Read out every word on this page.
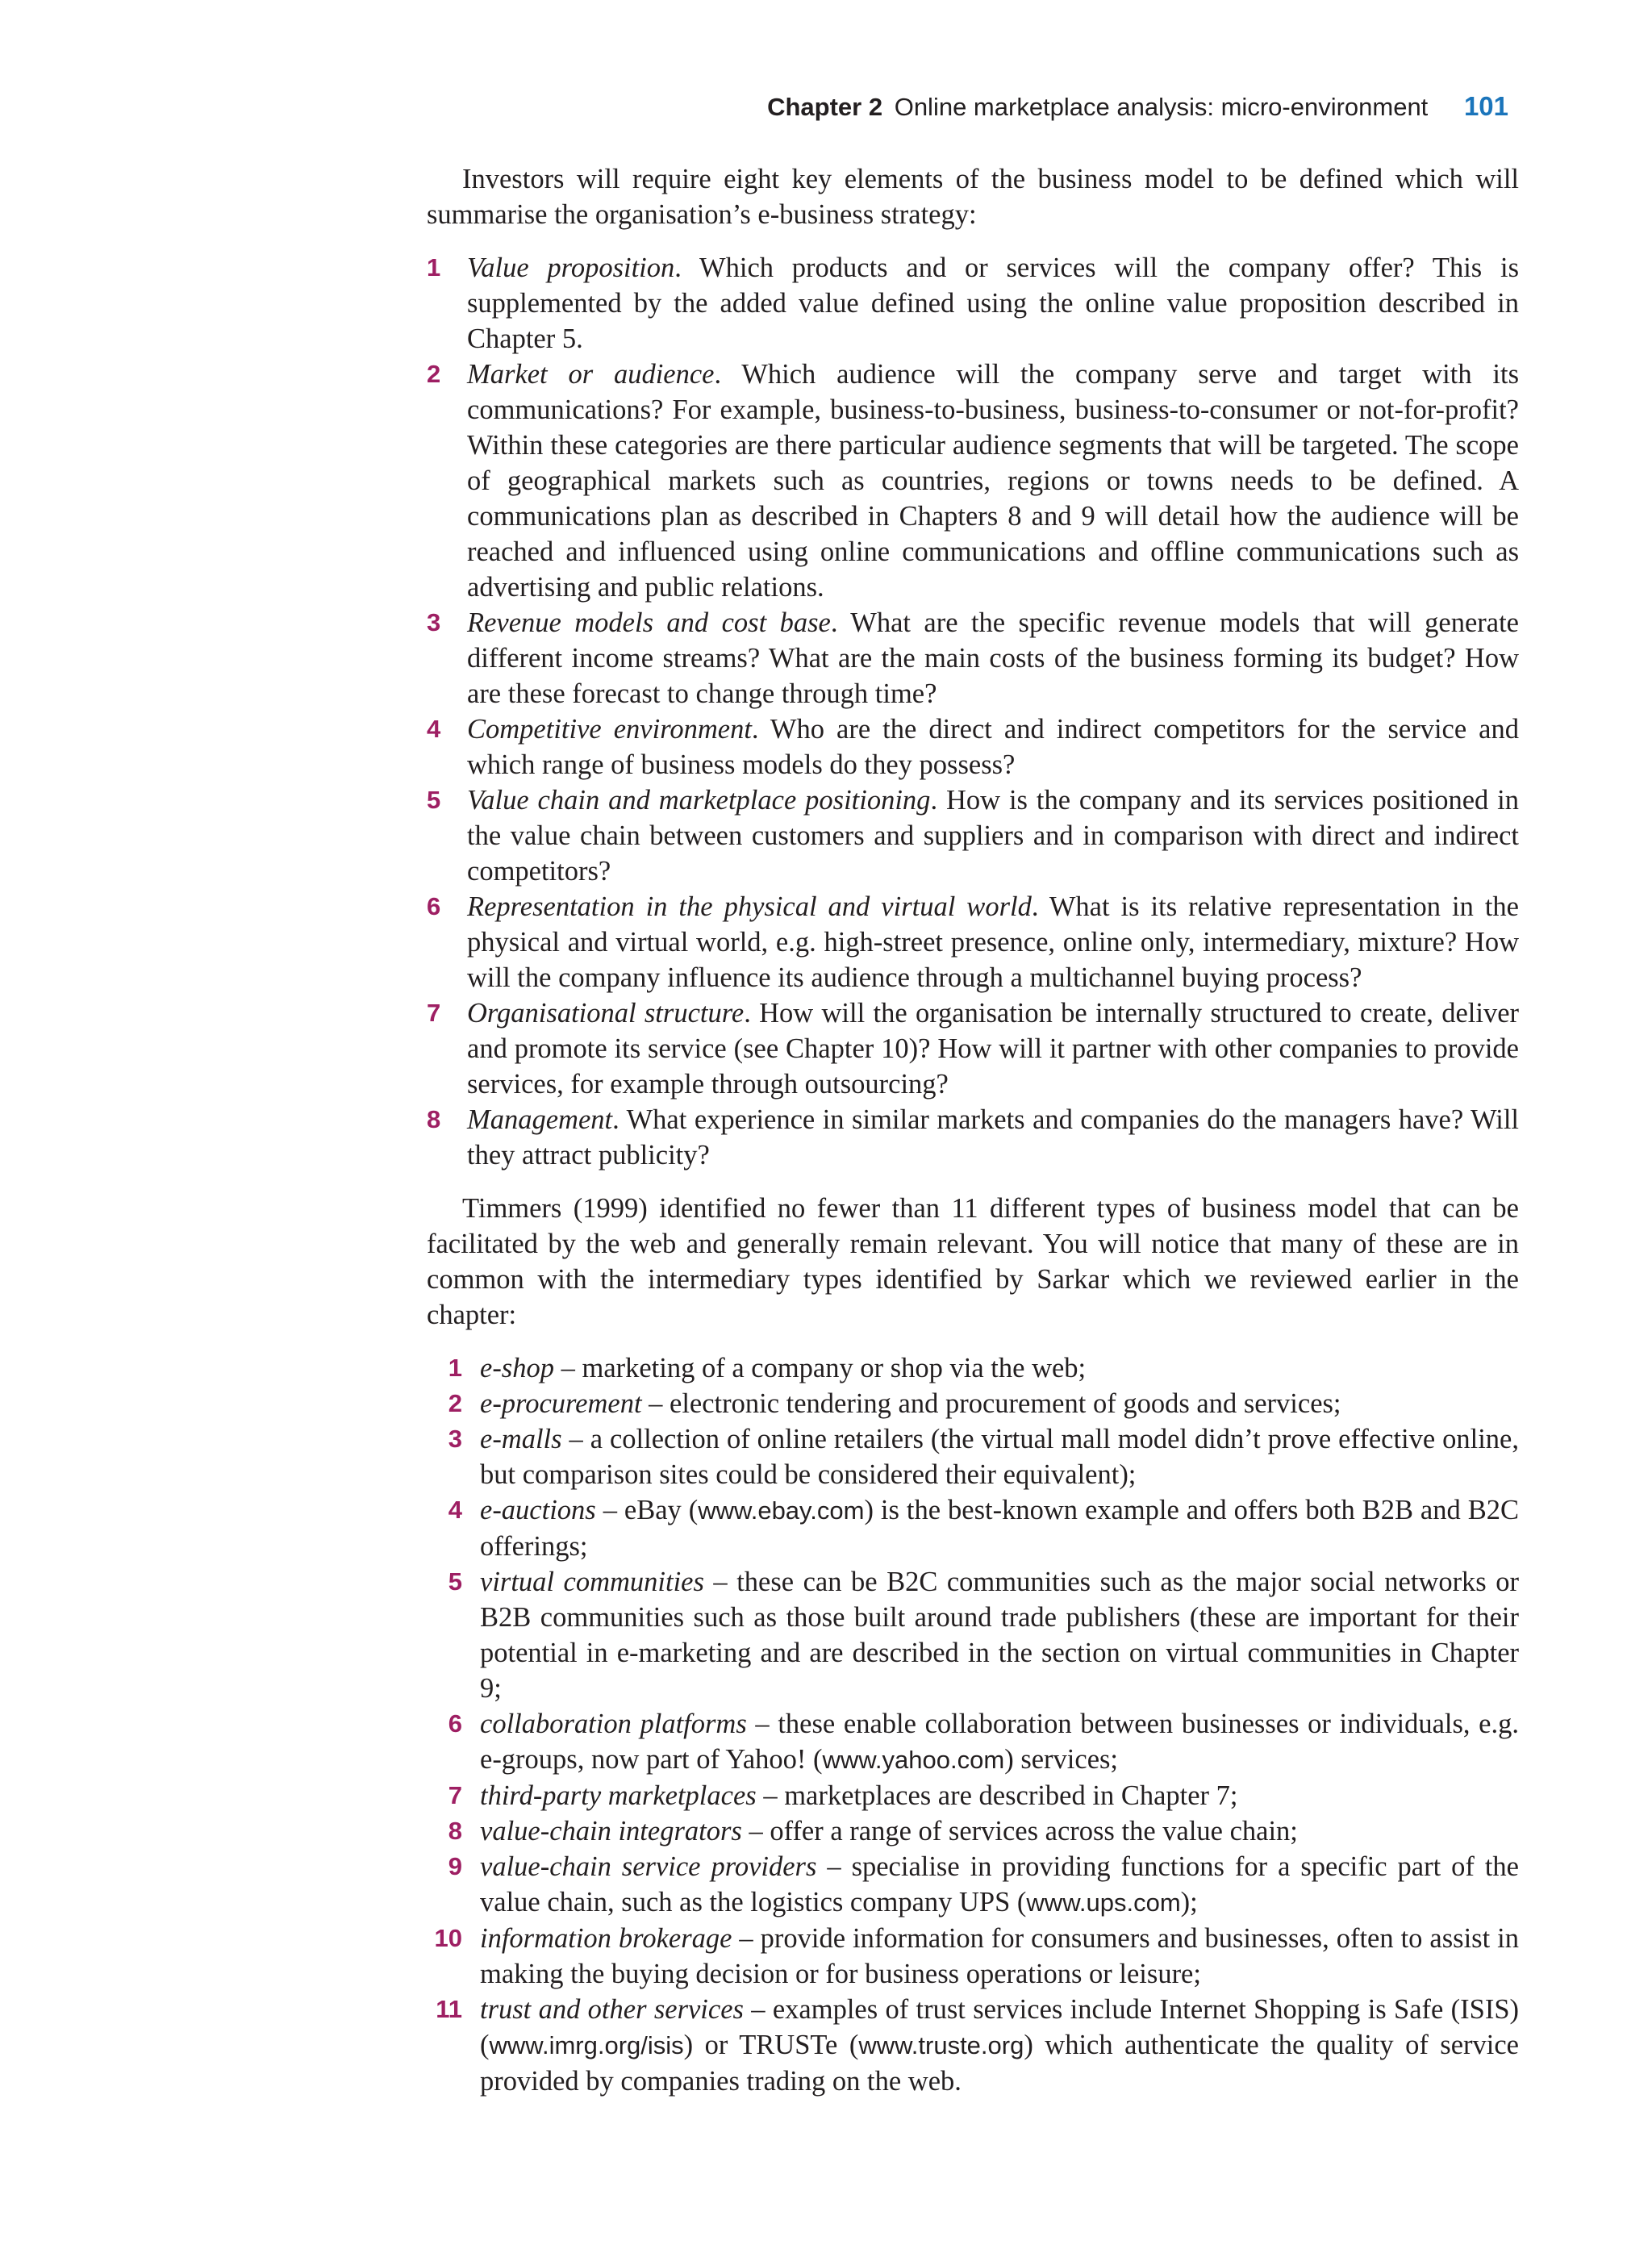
Chapter 2 Online marketplace analysis: micro-environment 101

Investors will require eight key elements of the business model to be defined which will summarise the organisation’s e-business strategy:

1 Value proposition. Which products and or services will the company offer? This is supplemented by the added value defined using the online value proposition described in Chapter 5.
2 Market or audience. Which audience will the company serve and target with its communications? For example, business-to-business, business-to-consumer or not-for-profit? Within these categories are there particular audience segments that will be targeted. The scope of geographical markets such as countries, regions or towns needs to be defined. A communications plan as described in Chapters 8 and 9 will detail how the audience will be reached and influenced using online communications and offline communications such as advertising and public relations.
3 Revenue models and cost base. What are the specific revenue models that will generate different income streams? What are the main costs of the business forming its budget? How are these forecast to change through time?
4 Competitive environment. Who are the direct and indirect competitors for the service and which range of business models do they possess?
5 Value chain and marketplace positioning. How is the company and its services positioned in the value chain between customers and suppliers and in comparison with direct and indirect competitors?
6 Representation in the physical and virtual world. What is its relative representation in the physical and virtual world, e.g. high-street presence, online only, intermediary, mixture? How will the company influence its audience through a multichannel buying process?
7 Organisational structure. How will the organisation be internally structured to create, deliver and promote its service (see Chapter 10)? How will it partner with other companies to provide services, for example through outsourcing?
8 Management. What experience in similar markets and companies do the managers have? Will they attract publicity?

Timmers (1999) identified no fewer than 11 different types of business model that can be facilitated by the web and generally remain relevant. You will notice that many of these are in common with the intermediary types identified by Sarkar which we reviewed earlier in the chapter:

1 e-shop – marketing of a company or shop via the web;
2 e-procurement – electronic tendering and procurement of goods and services;
3 e-malls – a collection of online retailers (the virtual mall model didn’t prove effective online, but comparison sites could be considered their equivalent);
4 e-auctions – eBay (www.ebay.com) is the best-known example and offers both B2B and B2C offerings;
5 virtual communities – these can be B2C communities such as the major social networks or B2B communities such as those built around trade publishers (these are important for their potential in e-marketing and are described in the section on virtual communities in Chapter 9;
6 collaboration platforms – these enable collaboration between businesses or individuals, e.g. e-groups, now part of Yahoo! (www.yahoo.com) services;
7 third-party marketplaces – marketplaces are described in Chapter 7;
8 value-chain integrators – offer a range of services across the value chain;
9 value-chain service providers – specialise in providing functions for a specific part of the value chain, such as the logistics company UPS (www.ups.com);
10 information brokerage – provide information for consumers and businesses, often to assist in making the buying decision or for business operations or leisure;
11 trust and other services – examples of trust services include Internet Shopping is Safe (ISIS) (www.imrg.org/isis) or TRUSTe (www.truste.org) which authenticate the quality of service provided by companies trading on the web.
